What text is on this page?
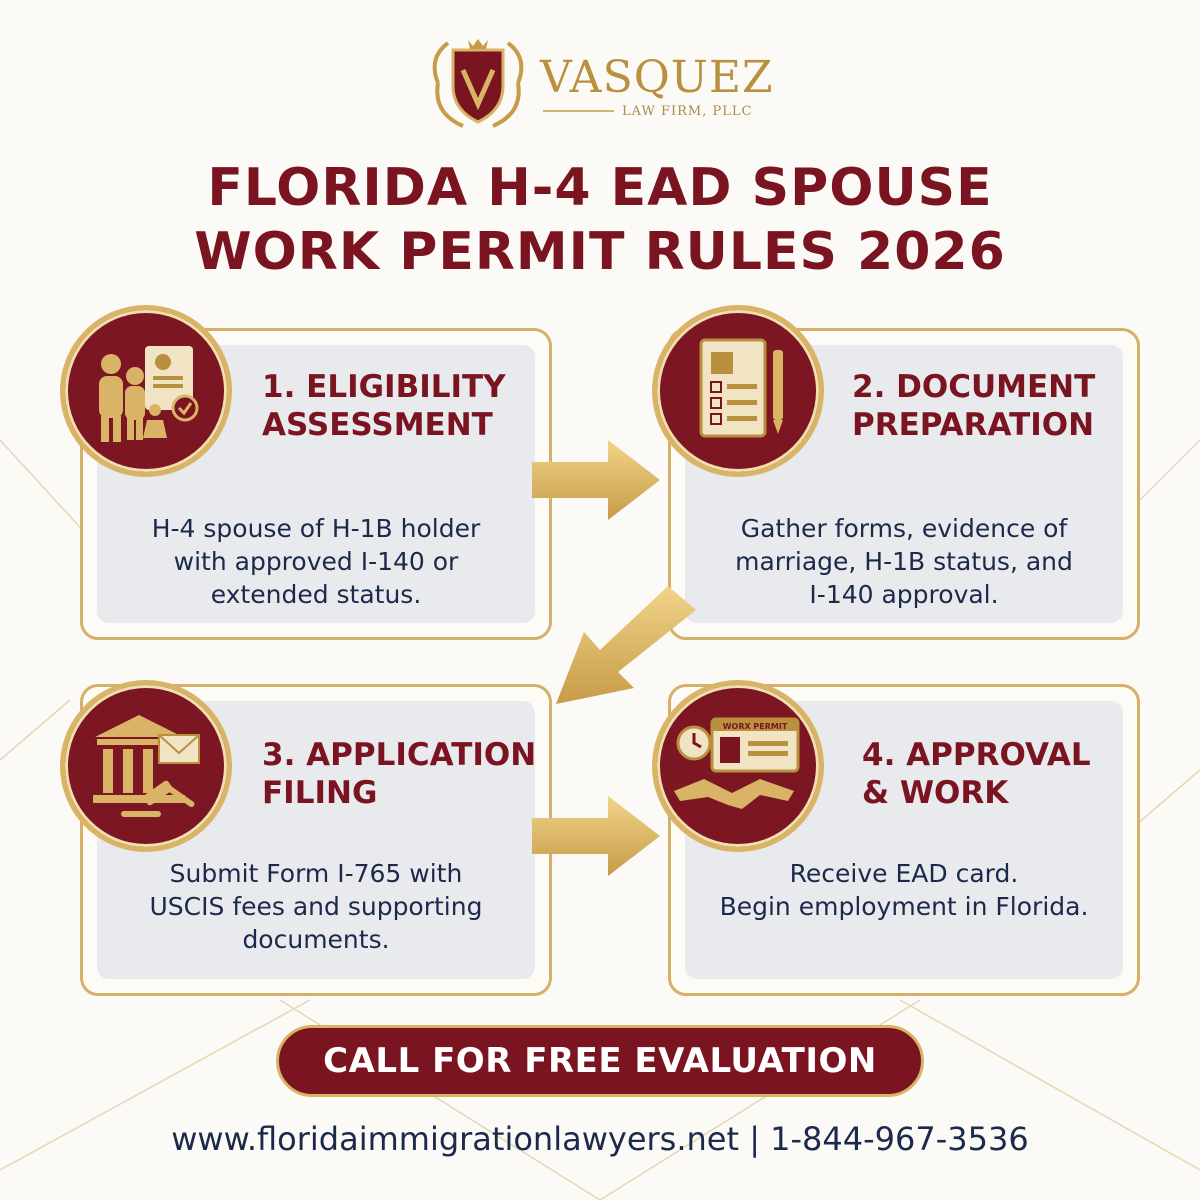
VASQUEZ
LAW FIRM, PLLC
FLORIDA H-4 EAD SPOUSE
WORK PERMIT RULES 2026
1. ELIGIBILITY
ASSESSMENT
H-4 spouse of H-1B holder
with approved I-140 or
extended status.
2. DOCUMENT
PREPARATION
Gather forms, evidence of
marriage, H-1B status, and
I-140 approval.
3. APPLICATION
FILING
Submit Form I-765 with
USCIS fees and supporting
documents.
WORX PERMIT
4. APPROVAL
& WORK
Receive EAD card.
Begin employment in Florida.
CALL FOR FREE EVALUATION
www.floridaimmigrationlawyers.net | 1-844-967-3536
